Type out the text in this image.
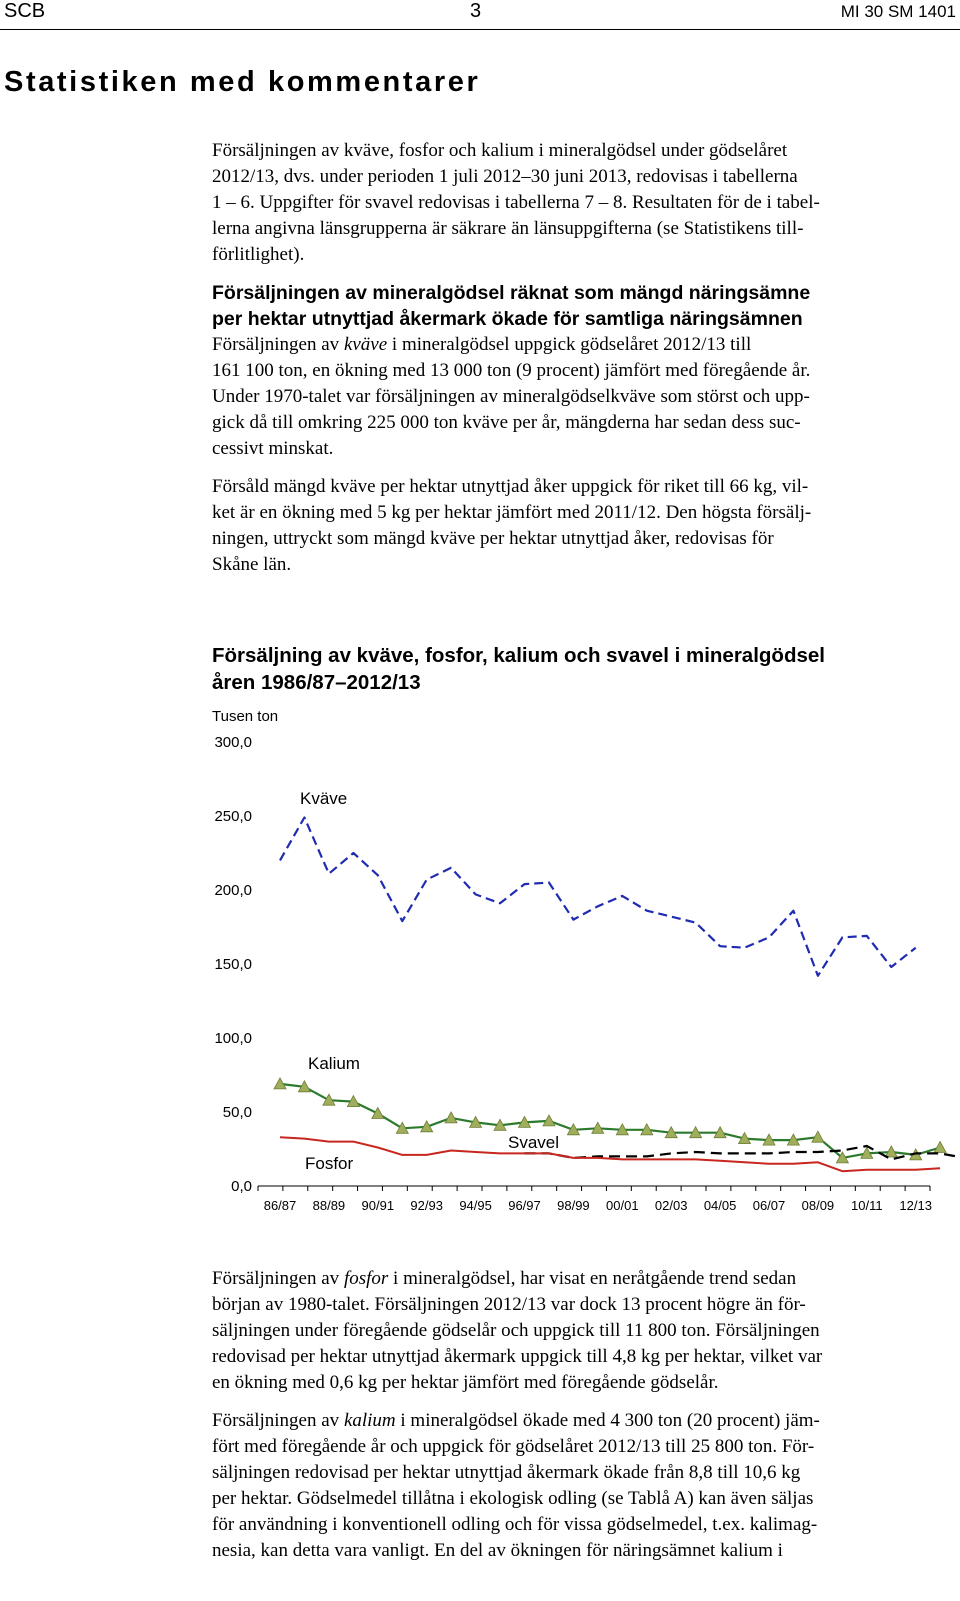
SCB	3	MI 30 SM 1401
Statistiken med kommentarer
Försäljningen av kväve, fosfor och kalium i mineralgödsel under gödselåret
2012/13, dvs. under perioden 1 juli 2012–30 juni 2013, redovisas i tabellerna
1 – 6. Uppgifter för svavel redovisas i tabellerna 7 – 8. Resultaten för de i tabel-
lerna angivna länsgrupperna är säkrare än länsuppgifterna (se Statistikens till-
förlitlighet).
Försäljningen av mineralgödsel räknat som mängd näringsämne
per hektar utnyttjad åkermark ökade för samtliga näringsämnen
Försäljningen av kväve i mineralgödsel uppgick gödselåret 2012/13 till
161 100 ton, en ökning med 13 000 ton (9 procent) jämfört med föregående år.
Under 1970-talet var försäljningen av mineralgödselkväve som störst och upp-
gick då till omkring 225 000 ton kväve per år, mängderna har sedan dess suc-
cessivt minskat.
Försåld mängd kväve per hektar utnyttjad åker uppgick för riket till 66 kg, vil-
ket är en ökning med 5 kg per hektar jämfört med 2011/12. Den högsta försälj-
ningen, uttryckt som mängd kväve per hektar utnyttjad åker, redovisas för
Skåne län.
Försäljning av kväve, fosfor, kalium och svavel i mineralgödsel
åren 1986/87–2012/13
Tusen ton
300,0
250,0
200,0
150,0
100,0
50,0
0,0
86/87 88/89 90/91 92/93 94/95 96/97 98/99 00/01 02/03 04/05 06/07 08/09 10/11 12/13
Kväve
Kalium
Svavel
Fosfor
Försäljningen av fosfor i mineralgödsel, har visat en neråtgående trend sedan
början av 1980-talet. Försäljningen 2012/13 var dock 13 procent högre än för-
säljningen under föregående gödselår och uppgick till 11 800 ton. Försäljningen
redovisad per hektar utnyttjad åkermark uppgick till 4,8 kg per hektar, vilket var
en ökning med 0,6 kg per hektar jämfört med föregående gödselår.
Försäljningen av kalium i mineralgödsel ökade med 4 300 ton (20 procent) jäm-
fört med föregående år och uppgick för gödselåret 2012/13 till 25 800 ton. För-
säljningen redovisad per hektar utnyttjad åkermark ökade från 8,8 till 10,6 kg
per hektar. Gödselmedel tillåtna i ekologisk odling (se Tablå A) kan även säljas
för användning i konventionell odling och för vissa gödselmedel, t.ex. kalimag-
nesia, kan detta vara vanligt. En del av ökningen för näringsämnet kalium i
